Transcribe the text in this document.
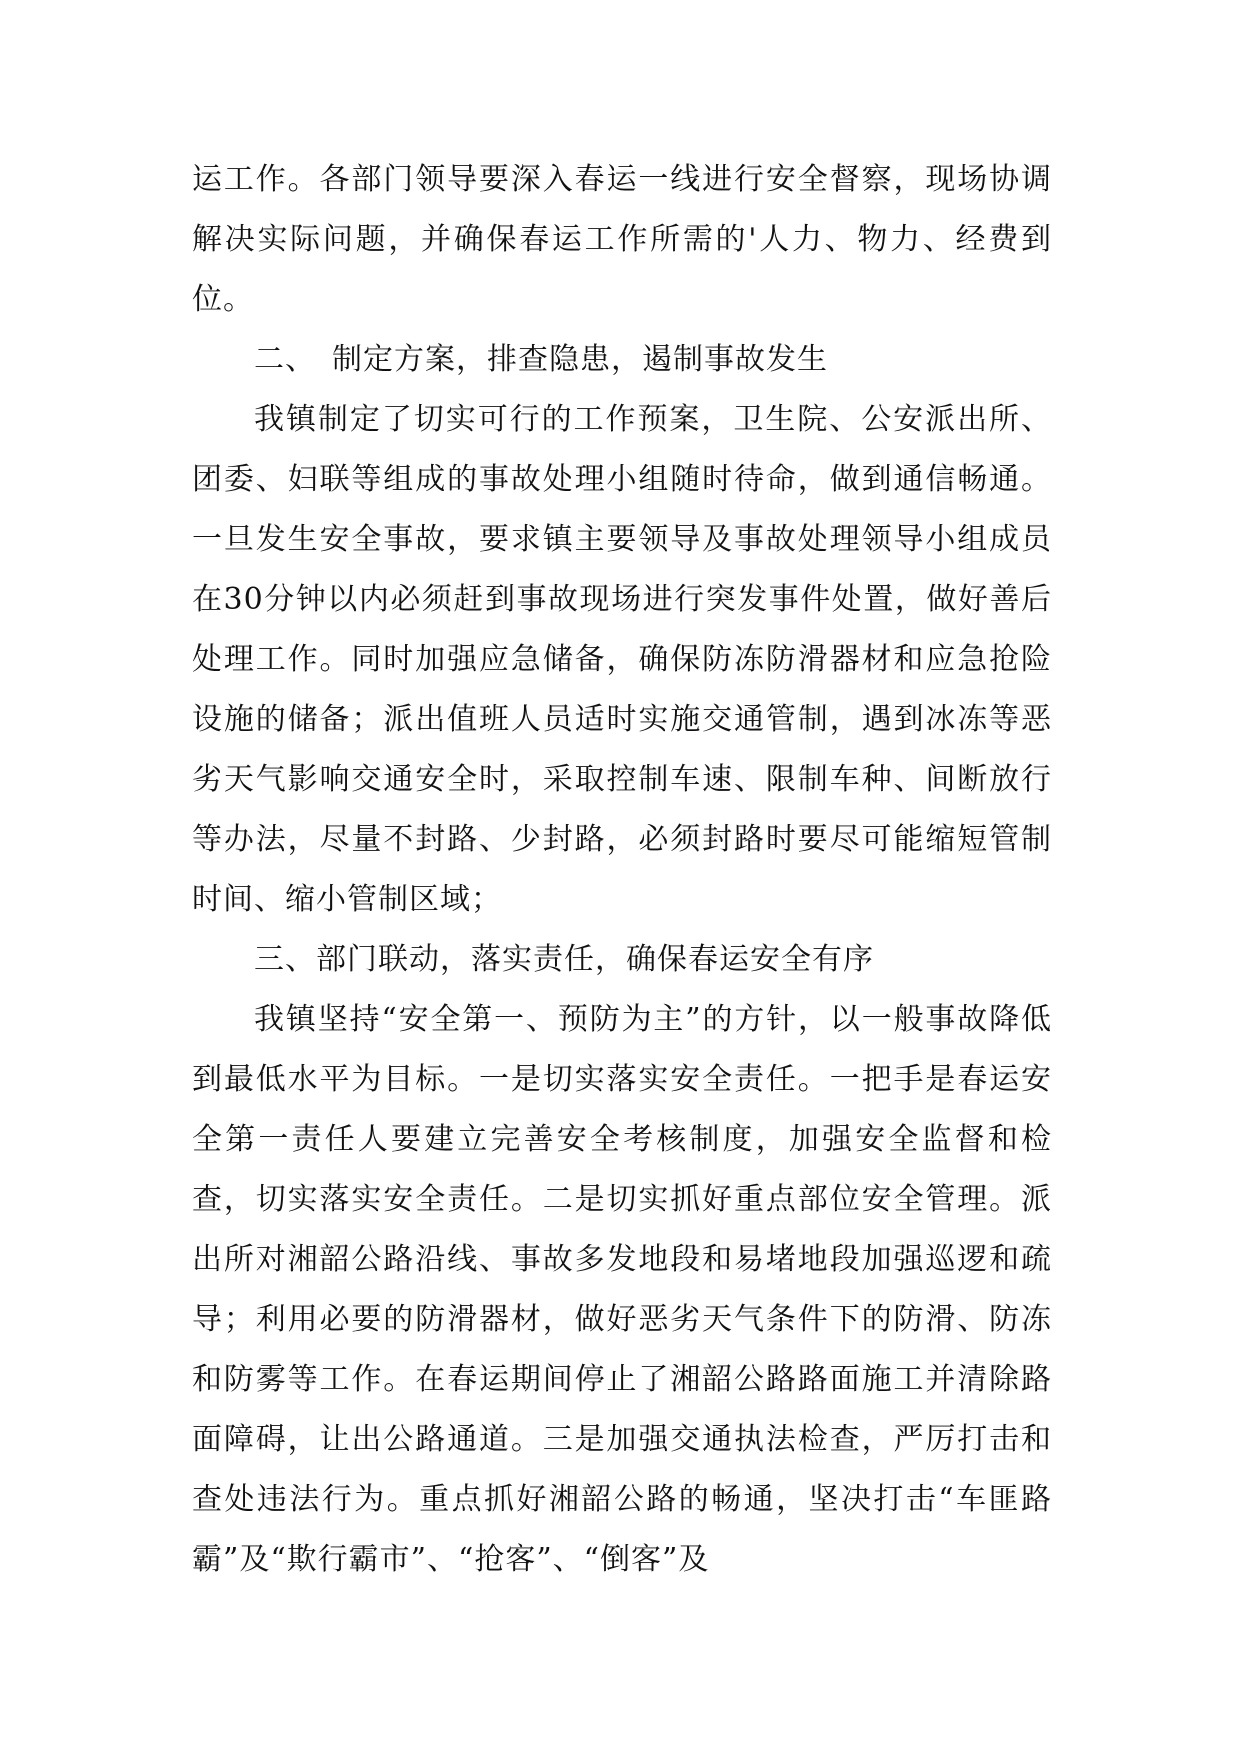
运工作。各部门领导要深入春运一线进行安全督察，现场协调解决实际问题，并确保春运工作所需的'人力、物力、经费到位。

二、　制定方案，排查隐患，遏制事故发生

我镇制定了切实可行的工作预案，卫生院、公安派出所、团委、妇联等组成的事故处理小组随时待命，做到通信畅通。一旦发生安全事故，要求镇主要领导及事故处理领导小组成员在30分钟以内必须赶到事故现场进行突发事件处置，做好善后处理工作。同时加强应急储备，确保防冻防滑器材和应急抢险设施的储备；派出值班人员适时实施交通管制，遇到冰冻等恶劣天气影响交通安全时，采取控制车速、限制车种、间断放行等办法，尽量不封路、少封路，必须封路时要尽可能缩短管制时间、缩小管制区域；

三、部门联动，落实责任，确保春运安全有序

我镇坚持“安全第一、预防为主”的方针，以一般事故降低到最低水平为目标。一是切实落实安全责任。一把手是春运安全第一责任人要建立完善安全考核制度，加强安全监督和检查，切实落实安全责任。二是切实抓好重点部位安全管理。派出所对湘韶公路沿线、事故多发地段和易堵地段加强巡逻和疏导；利用必要的防滑器材，做好恶劣天气条件下的防滑、防冻和防雾等工作。在春运期间停止了湘韶公路路面施工并清除路面障碍，让出公路通道。三是加强交通执法检查，严厉打击和查处违法行为。重点抓好湘韶公路的畅通，坚决打击“车匪路霸”及“欺行霸市”、“抢客”、“倒客”及
